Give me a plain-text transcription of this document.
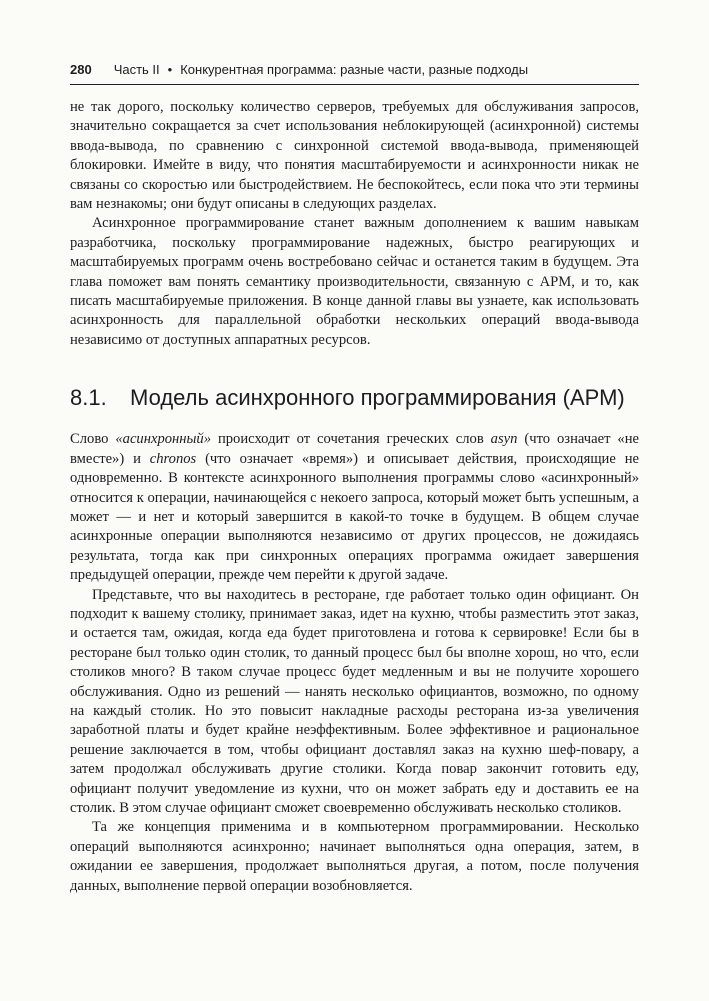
280 Часть II • Конкурентная программа: разные части, разные подходы

не так дорого, поскольку количество серверов, требуемых для обслуживания запросов, значительно сокращается за счет использования неблокирующей (асинхронной) системы ввода-вывода, по сравнению с синхронной системой ввода-вывода, применяющей блокировки. Имейте в виду, что понятия масштабируемости и асинхронности никак не связаны со скоростью или быстродействием. Не беспокойтесь, если пока что эти термины вам незнакомы; они будут описаны в следующих разделах.

Асинхронное программирование станет важным дополнением к вашим навыкам разработчика, поскольку программирование надежных, быстро реагирующих и масштабируемых программ очень востребовано сейчас и останется таким в будущем. Эта глава поможет вам понять семантику производительности, связанную с АРМ, и то, как писать масштабируемые приложения. В конце данной главы вы узнаете, как использовать асинхронность для параллельной обработки нескольких операций ввода-вывода независимо от доступных аппаратных ресурсов.

8.1.	Модель асинхронного программирования (АРМ)

Слово «асинхронный» происходит от сочетания греческих слов asyn (что означает «не вместе») и chronos (что означает «время») и описывает действия, происходящие не одновременно. В контексте асинхронного выполнения программы слово «асинхронный» относится к операции, начинающейся с некоего запроса, который может быть успешным, а может — и нет и который завершится в какой-то точке в будущем. В общем случае асинхронные операции выполняются независимо от других процессов, не дожидаясь результата, тогда как при синхронных операциях программа ожидает завершения предыдущей операции, прежде чем перейти к другой задаче.

Представьте, что вы находитесь в ресторане, где работает только один официант. Он подходит к вашему столику, принимает заказ, идет на кухню, чтобы разместить этот заказ, и остается там, ожидая, когда еда будет приготовлена и готова к сервировке! Если бы в ресторане был только один столик, то данный процесс был бы вполне хорош, но что, если столиков много? В таком случае процесс будет медленным и вы не получите хорошего обслуживания. Одно из решений — нанять несколько официантов, возможно, по одному на каждый столик. Но это повысит накладные расходы ресторана из-за увеличения заработной платы и будет крайне неэффективным. Более эффективное и рациональное решение заключается в том, чтобы официант доставлял заказ на кухню шеф-повару, а затем продолжал обслуживать другие столики. Когда повар закончит готовить еду, официант получит уведомление из кухни, что он может забрать еду и доставить ее на столик. В этом случае официант сможет своевременно обслуживать несколько столиков.

Та же концепция применима и в компьютерном программировании. Несколько операций выполняются асинхронно; начинает выполняться одна операция, затем, в ожидании ее завершения, продолжает выполняться другая, а потом, после получения данных, выполнение первой операции возобновляется.
